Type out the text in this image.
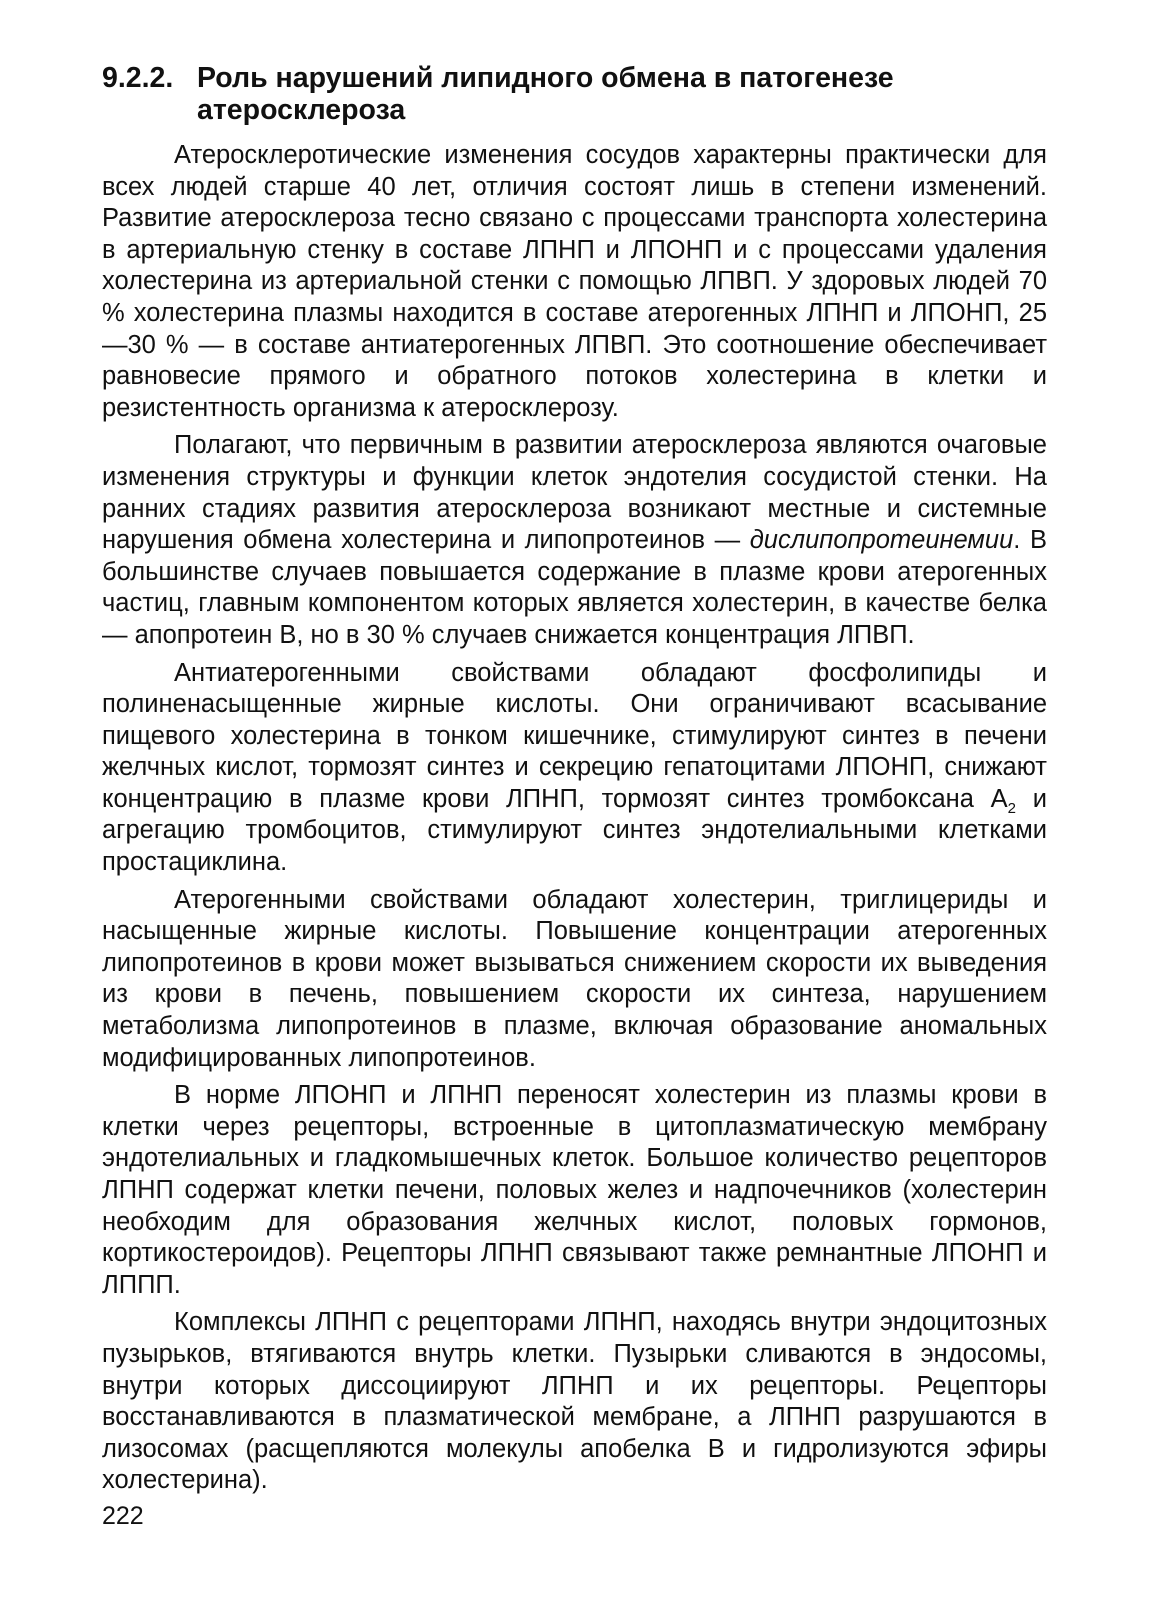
9.2.2. Роль нарушений липидного обмена в патогенезе
атеросклероза

Атеросклеротические изменения сосудов характерны практически для всех людей старше 40 лет, отличия состоят лишь в степени изменений. Развитие атеросклероза тесно связано с процессами транспорта холестерина в артериальную стенку в составе ЛПНП и ЛПОНП и с процессами удаления холестерина из артериальной стенки с помощью ЛПВП. У здоровых людей 70 % холестерина плазмы находится в составе атерогенных ЛПНП и ЛПОНП, 25—30 % — в составе антиатерогенных ЛПВП. Это соотношение обеспечивает равновесие прямого и обратного потоков холестерина в клетки и резистентность организма к атеросклерозу.

Полагают, что первичным в развитии атеросклероза являются очаговые изменения структуры и функции клеток эндотелия сосудистой стенки. На ранних стадиях развития атеросклероза возникают местные и системные нарушения обмена холестерина и липопротеинов — дислипопротеинемии. В большинстве случаев повышается содержание в плазме крови атерогенных частиц, главным компонентом которых является холестерин, в качестве белка — апопротеин В, но в 30 % случаев снижается концентрация ЛПВП.

Антиатерогенными свойствами обладают фосфолипиды и полиненасыщенные жирные кислоты. Они ограничивают всасывание пищевого холестерина в тонком кишечнике, стимулируют синтез в печени желчных кислот, тормозят синтез и секрецию гепатоцитами ЛПОНП, снижают концентрацию в плазме крови ЛПНП, тормозят синтез тромбоксана $А_2$ и агрегацию тромбоцитов, стимулируют синтез эндотелиальными клетками простациклина.

Атерогенными свойствами обладают холестерин, триглицериды и насыщенные жирные кислоты. Повышение концентрации атерогенных липопротеинов в крови может вызываться снижением скорости их выведения из крови в печень, повышением скорости их синтеза, нарушением метаболизма липопротеинов в плазме, включая образование аномальных модифицированных липопротеинов.

В норме ЛПОНП и ЛПНП переносят холестерин из плазмы крови в клетки через рецепторы, встроенные в цитоплазматическую мембрану эндотелиальных и гладкомышечных клеток. Большое количество рецепторов ЛПНП содержат клетки печени, половых желез и надпочечников (холестерин необходим для образования желчных кислот, половых гормонов, кортикостероидов). Рецепторы ЛПНП связывают также ремнантные ЛПОНП и ЛППП.

Комплексы ЛПНП с рецепторами ЛПНП, находясь внутри эндоцитозных пузырьков, втягиваются внутрь клетки. Пузырьки сливаются в эндосомы, внутри которых диссоциируют ЛПНП и их рецепторы. Рецепторы восстанавливаются в плазматической мембране, а ЛПНП разрушаются в лизосомах (расщепляются молекулы апобелка В и гидролизуются эфиры холестерина).

222
